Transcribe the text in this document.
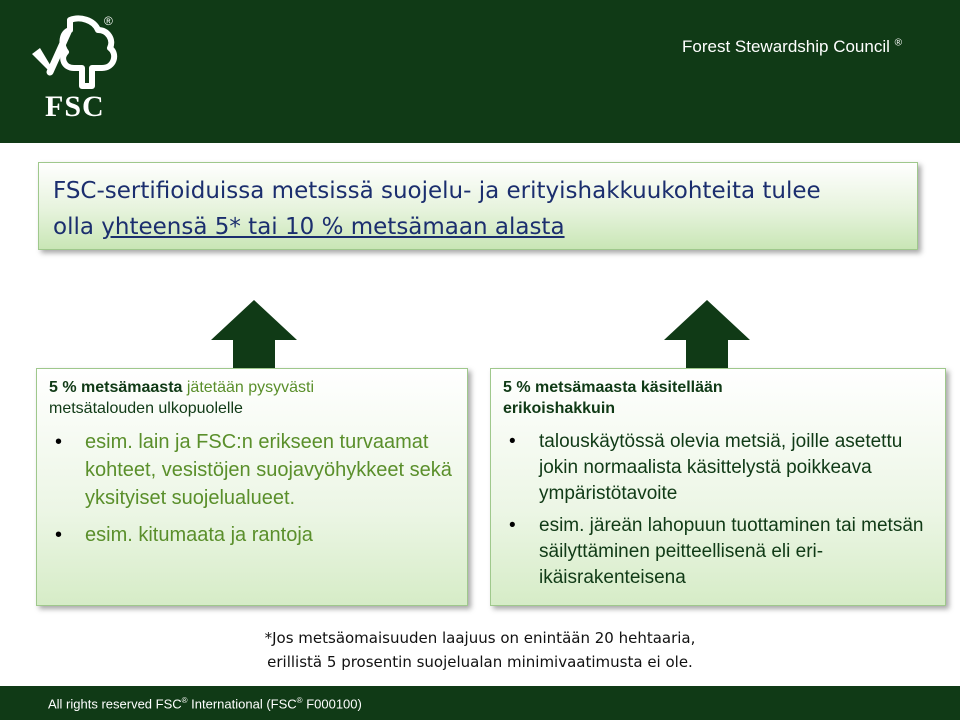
®
FSC
Forest Stewardship Council ®
FSC-sertifioiduissa metsissä suojelu- ja erityishakkuukohteita tulee
olla yhteensä 5* tai 10 % metsämaan alasta
5 % metsämaasta jätetään pysyvästi
metsätalouden ulkopuolelle
• esim. lain ja FSC:n erikseen turvaamat kohteet, vesistöjen suojavyöhykkeet sekä yksityiset suojelualueet.
• esim. kitumaata ja rantoja
5 % metsämaasta käsitellään
erikoishakkuin
• talouskäytössä olevia metsiä, joille asetettu jokin normaalista käsittelystä poikkeava ympäristötavoite
• esim. järeän lahopuun tuottaminen tai metsän säilyttäminen peitteellisenä eli eri-ikäisrakenteisena
*Jos metsäomaisuuden laajuus on enintään 20 hehtaaria,
erillistä 5 prosentin suojelualan minimivaatimusta ei ole.
All rights reserved FSC® International (FSC® F000100)
